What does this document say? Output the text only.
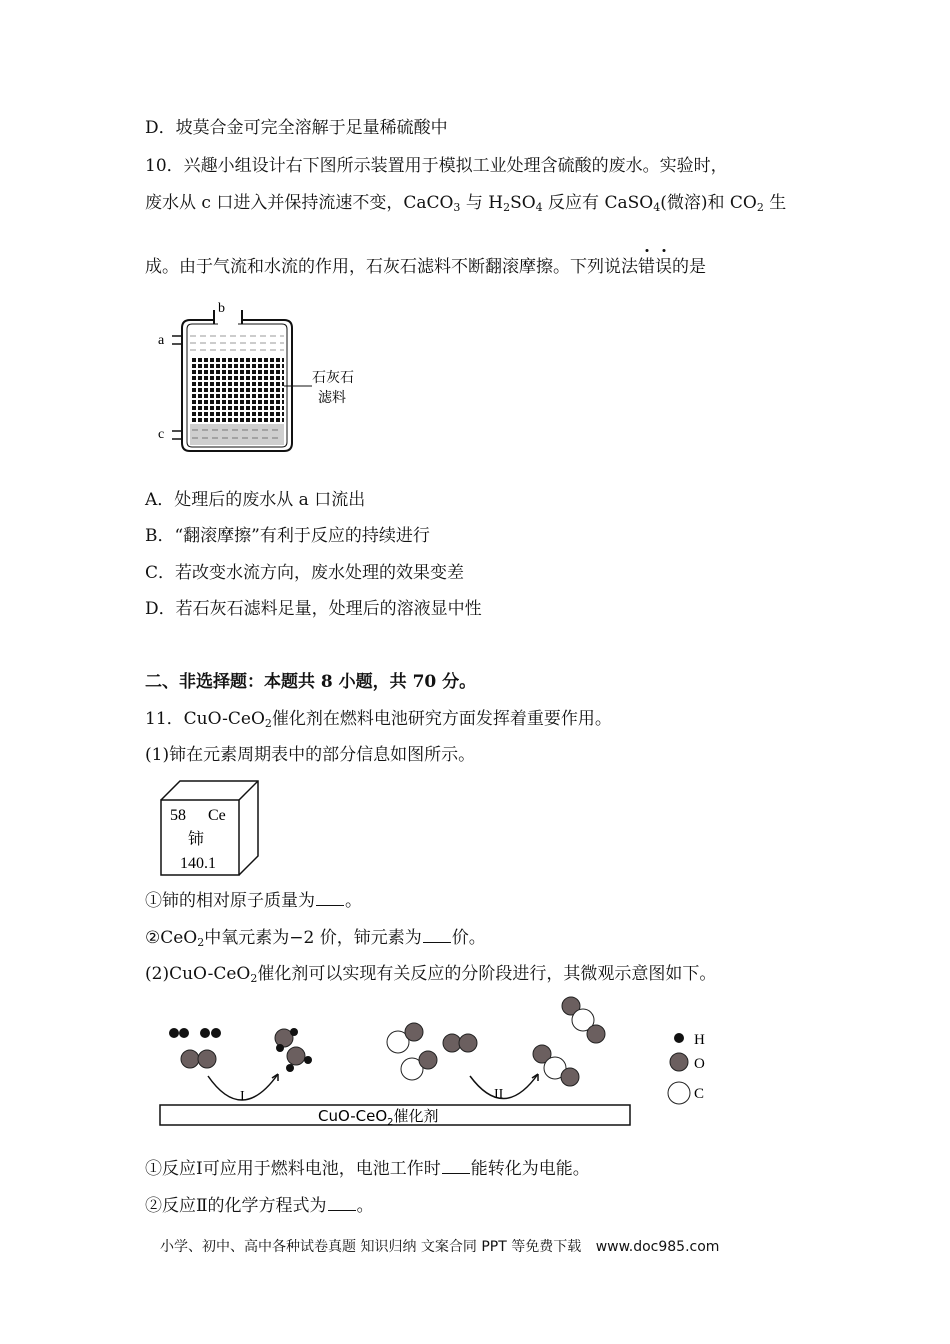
D．坡莫合金可完全溶解于足量稀硫酸中
10．兴趣小组设计右下图所示装置用于模拟工业处理含硫酸的废水。实验时，
废水从 c 口进入并保持流速不变，CaCO$_3$ 与 $H_2SO_4$ 反应有 CaSO$_4$(微溶)和 $CO_2$ 生
成。由于气流和水流的作用，石灰石滤料不断翻滚摩擦。下列说法错误的是
a
b
c
石灰石
滤料
A．处理后的废水从 a 口流出
B．“翻滚摩擦”有利于反应的持续进行
C．若改变水流方向，废水处理的效果变差
D．若石灰石滤料足量，处理后的溶液显中性
二、非选择题：本题共 8 小题，共 70 分。
11．CuO-CeO$_2$催化剂在燃料电池研究方面发挥着重要作用。
(1)铈在元素周期表中的部分信息如图所示。
58 Ce
铈
140.1
①铈的相对原子质量为 。
②CeO$_2$中氧元素为−2 价，铈元素为 价。
(2)CuO-CeO$_2$催化剂可以实现有关反应的分阶段进行，其微观示意图如下。
CuO-CeO$_2$催化剂
I	II
H
O
C
①反应Ⅰ可应用于燃料电池，电池工作时 能转化为电能。
②反应Ⅱ的化学方程式为 。
小学、初中、高中各种试卷真题 知识归纳 文案合同 PPT 等免费下载 www.doc985.com
